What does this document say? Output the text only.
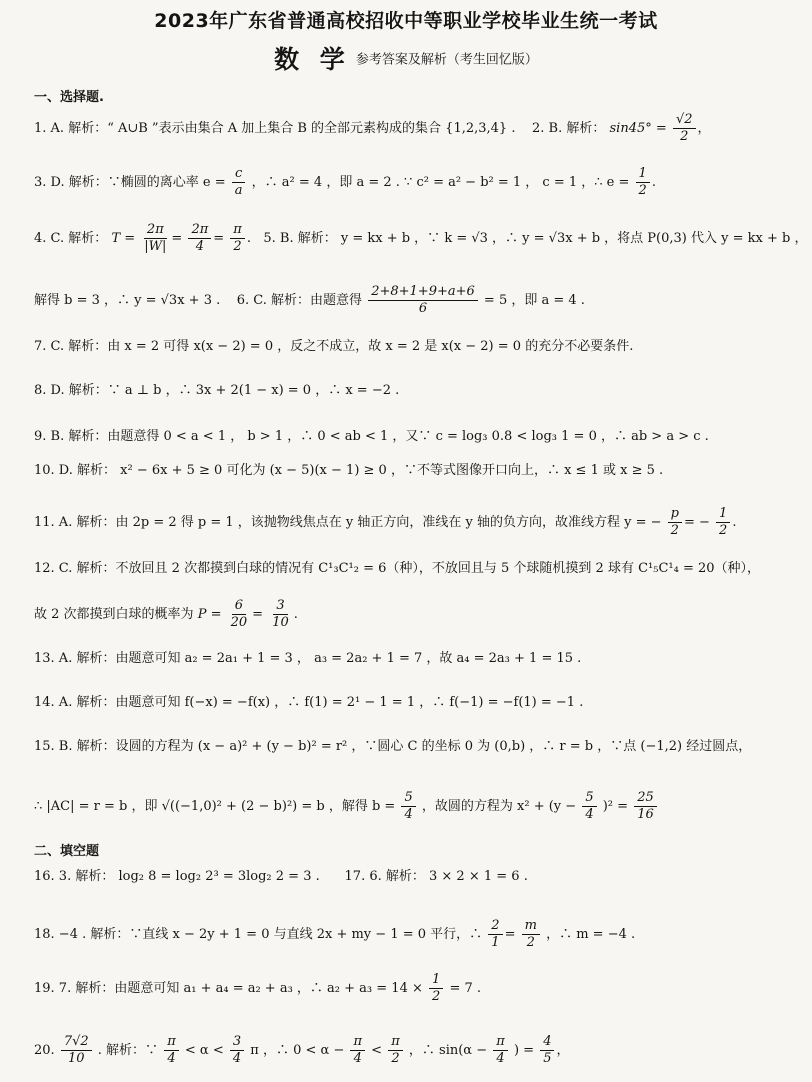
2023年广东省普通高校招收中等职业学校毕业生统一考试
数 学 参考答案及解析（考生回忆版）
一、选择题.
1. A. 解析：“ A∪B ”表示由集合 A 加上集合 B 的全部元素构成的集合 {1,2,3,4} . 2. B. 解析： $\sin 45^\circ = \frac{√2}{2}$ ，
3. D. 解析：∵椭圆的离心率 $e = \frac{c}{a}$ ，∴ a² = 4 ，即 a = 2 . ∵ c² = a² − b² = 1 ， c = 1 ，∴ $e = \frac{1}{2}$ .
4. C. 解析： $T = \frac{2\pi}{|W|} = \frac{2\pi}{4} = \frac{\pi}{2}$ .   5. B. 解析： y = kx + b ，∵ k = √3 ，∴ y = √3x + b ，将点 P(0,3) 代入 y = kx + b ，
解得 b = 3 ，∴ y = √3x + 3 . 6. C. 解析：由题意得 $\frac{2+8+1+9+a+6}{6} = 5$ ，即 a = 4 .
7. C. 解析：由 x = 2 可得 x(x − 2) = 0 ，反之不成立，故 x = 2 是 x(x − 2) = 0 的充分不必要条件.
8. D. 解析：∵ a ⊥ b ，∴ 3x + 2(1 − x) = 0 ，∴ x = −2 .
9. B. 解析：由题意得 0 < a < 1 ， b > 1 ，∴ 0 < ab < 1 ，又∵ c = log₃ 0.8 < log₃ 1 = 0 ，∴ ab > a > c .
10. D. 解析： x² − 6x + 5 ≥ 0 可化为 (x − 5)(x − 1) ≥ 0 ，∵不等式图像开口向上，∴ x ≤ 1 或 x ≥ 5 .
11. A. 解析：由 2p = 2 得 p = 1 ，该抛物线焦点在 y 轴正方向，准线在 y 轴的负方向，故准线方程 y = − $\frac{p}{2}$ = − $\frac{1}{2}$ .
12. C. 解析：不放回且 2 次都摸到白球的情况有 C¹₃C¹₂ = 6（种），不放回且与 5 个球随机摸到 2 球有 C¹₅C¹₄ = 20（种），
故 2 次都摸到白球的概率为 $P = \frac{6}{20} = \frac{3}{10}$ .
13. A. 解析：由题意可知 a₂ = 2a₁ + 1 = 3 ， a₃ = 2a₂ + 1 = 7 ，故 a₄ = 2a₃ + 1 = 15 .
14. A. 解析：由题意可知 f(−x) = −f(x) ，∴ f(1) = 2¹ − 1 = 1 ，∴ f(−1) = −f(1) = −1 .
15. B. 解析：设圆的方程为 (x − a)² + (y − b)² = r² ，∵圆心 C 的坐标 0 为 (0,b) ，∴ r = b ，∵点 (−1,2) 经过圆点，
∴ |AC| = r = b ，即 √((−1,0)² + (2 − b)²) = b ，解得 $b = \frac{5}{4}$ ，故圆的方程为 $x^2 + (y - \frac{5}{4} )^2 = \frac{25}{16}$
二、填空题
16. 3. 解析： log₂ 8 = log₂ 2³ = 3log₂ 2 = 3 . 17. 6. 解析： 3 × 2 × 1 = 6 .
18. −4 . 解析：∵直线 x − 2y + 1 = 0 与直线 2x + my − 1 = 0 平行，∴ $\frac{2}{1} = \frac{m}{2}$ ，∴ m = −4 .
19. 7. 解析：由题意可知 a₁ + a₄ = a₂ + a₃ ，∴ $a_2 + a_3 = 14 \times \frac{1}{2} = 7$ .
20. $\frac{7√2}{10}$ . 解析：∵ $\frac{\pi}{4} < \alpha < \frac{3}{4}$ π ，∴ $0 < \alpha - \frac{\pi}{4} < \frac{\pi}{2}$ ，∴ $\sin(\alpha - \frac{\pi}{4}$ ) = $\frac{4}{5}$ ，
